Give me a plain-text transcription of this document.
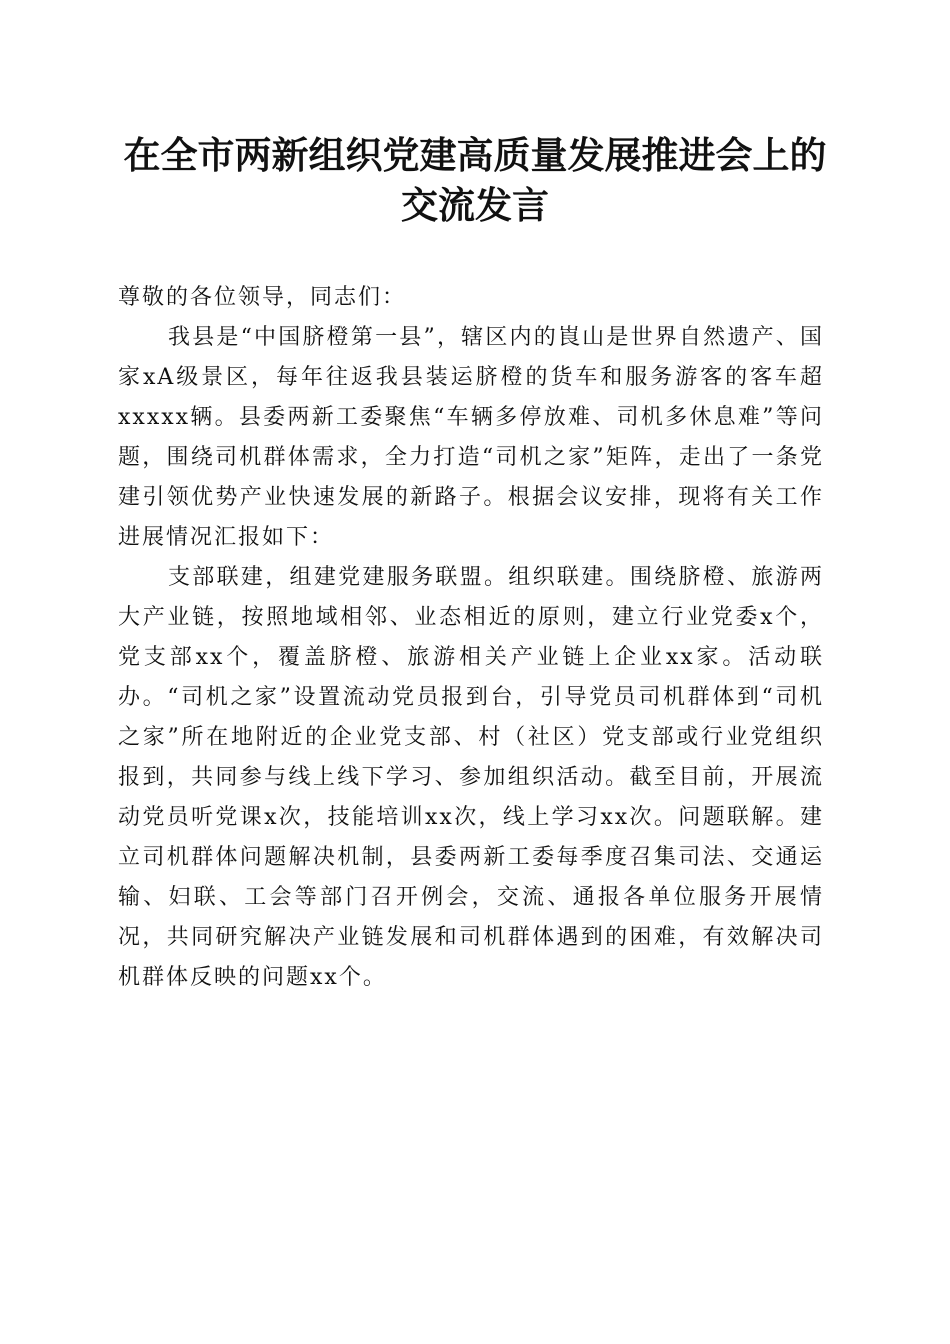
在全市两新组织党建高质量发展推进会上的交流发言

尊敬的各位领导，同志们：

我县是“中国脐橙第一县”，辖区内的崀山是世界自然遗产、国家xA级景区，每年往返我县装运脐橙的货车和服务游客的客车超xxxxx辆。县委两新工委聚焦“车辆多停放难、司机多休息难”等问题，围绕司机群体需求，全力打造“司机之家”矩阵，走出了一条党建引领优势产业快速发展的新路子。根据会议安排，现将有关工作进展情况汇报如下：

支部联建，组建党建服务联盟。组织联建。围绕脐橙、旅游两大产业链，按照地域相邻、业态相近的原则，建立行业党委x个，党支部xx个，覆盖脐橙、旅游相关产业链上企业xx家。活动联办。“司机之家”设置流动党员报到台，引导党员司机群体到“司机之家”所在地附近的企业党支部、村（社区）党支部或行业党组织报到，共同参与线上线下学习、参加组织活动。截至目前，开展流动党员听党课x次，技能培训xx次，线上学习xx次。问题联解。建立司机群体问题解决机制，县委两新工委每季度召集司法、交通运输、妇联、工会等部门召开例会，交流、通报各单位服务开展情况，共同研究解决产业链发展和司机群体遇到的困难，有效解决司机群体反映的问题xx个。
